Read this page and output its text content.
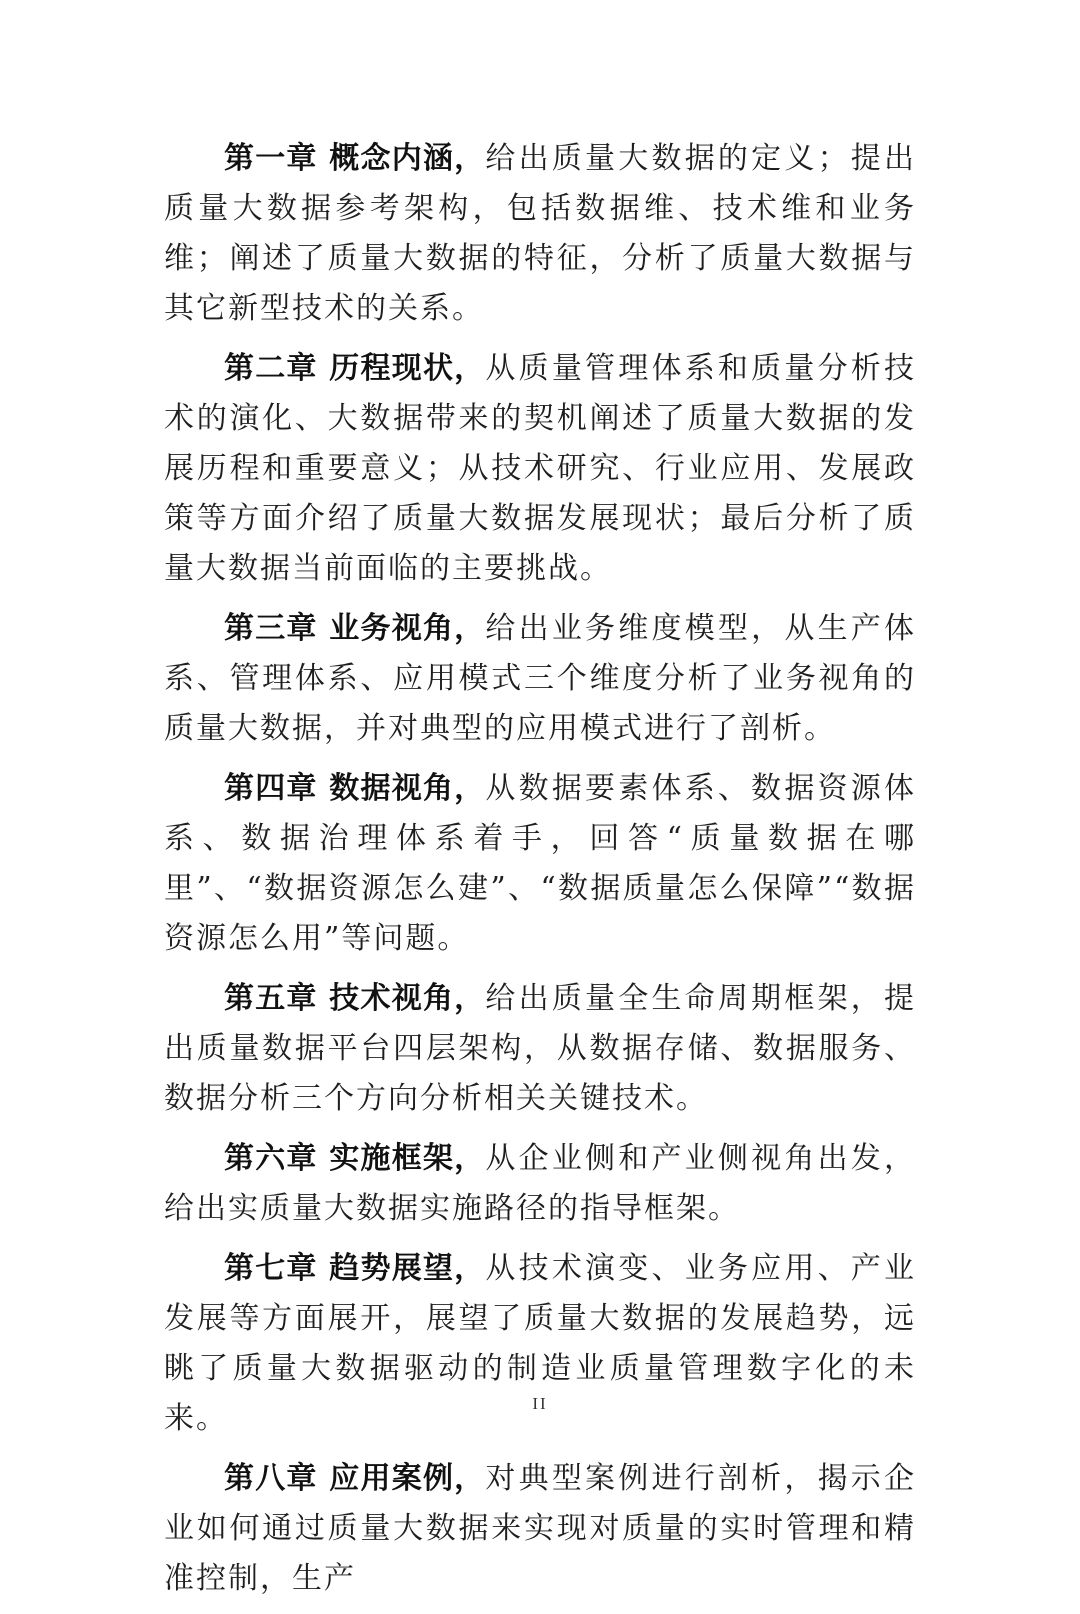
第一章 概念内涵，给出质量大数据的定义；提出质量大数据参考架构，包括数据维、技术维和业务维；阐述了质量大数据的特征，分析了质量大数据与其它新型技术的关系。

第二章 历程现状，从质量管理体系和质量分析技术的演化、大数据带来的契机阐述了质量大数据的发展历程和重要意义；从技术研究、行业应用、发展政策等方面介绍了质量大数据发展现状；最后分析了质量大数据当前面临的主要挑战。

第三章 业务视角，给出业务维度模型，从生产体系、管理体系、应用模式三个维度分析了业务视角的质量大数据，并对典型的应用模式进行了剖析。

第四章 数据视角，从数据要素体系、数据资源体系、数据治理体系着手，回答“质量数据在哪里”、“数据资源怎么建”、“数据质量怎么保障”“数据资源怎么用”等问题。

第五章 技术视角，给出质量全生命周期框架，提出质量数据平台四层架构，从数据存储、数据服务、数据分析三个方向分析相关关键技术。

第六章 实施框架，从企业侧和产业侧视角出发，给出实质量大数据实施路径的指导框架。

第七章 趋势展望，从技术演变、业务应用、产业发展等方面展开，展望了质量大数据的发展趋势，远眺了质量大数据驱动的制造业质量管理数字化的未来。

第八章 应用案例，对典型案例进行剖析，揭示企业如何通过质量大数据来实现对质量的实时管理和精准控制，生产

II
